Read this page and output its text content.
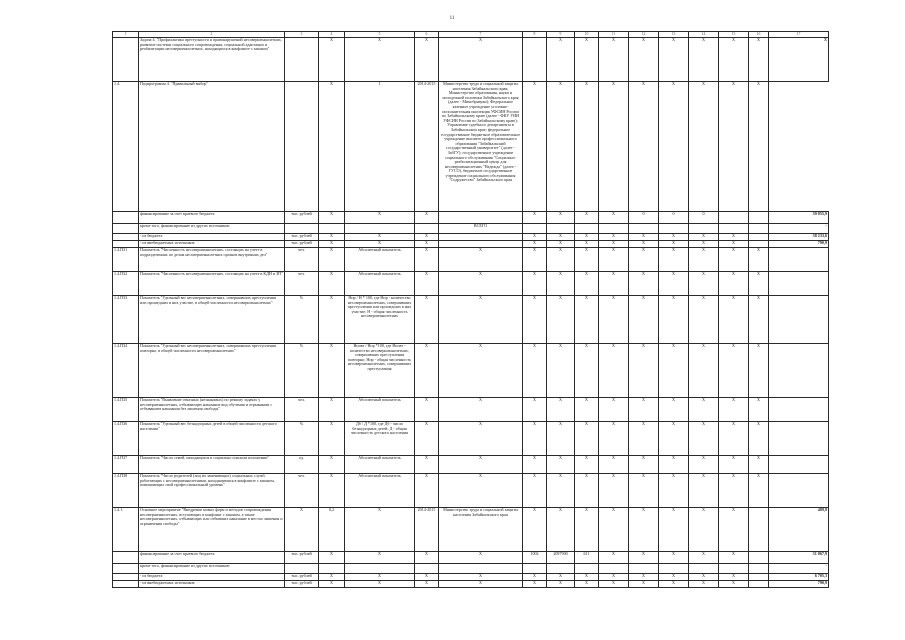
11
1	2	3	4	5	6	7	8	9	10	11	12	13	14	15	16	17
	Задача 4. "Профилактика преступности и правонарушений несовершеннолетних, развитие системы социального сопровождения, социальной адаптации и реабилитации несовершеннолетних, находящихся в конфликте с законом"		Х	Х	Х	Х		Х	Х	Х	Х	Х	Х	Х	Х	Х
1.4.	Подпрограмма 4. "Правильный выбор"		Х	1	2014-2015	Министерство труда и социальной защиты населения Забайкальского края; Министерство образования, науки и молодежной политики Забайкальского края (далее - Минобрнауки); Федеральное казенное учреждение уголовно-исполнительная инспекция УФСИН России по Забайкальскому краю (далее - ФКУ УИИ УФСИН России по Забайкальскому краю); Управление судебного департамента в Забайкальском крае; федеральное государственное бюджетное образовательное учреждение высшего профессионального образования "Забайкальский государственный университет" (далее - ЗабГУ); государственное учреждение социального обслуживания "Социально-реабилитационный центр для несовершеннолетних "Надежда" (далее - ГУСО), бюджетное государственное учреждение социального обслуживания "Содружество" Забайкальского края	Х	Х	Х	Х	Х	Х	Х	Х	Х	
	финансирование за счет краевого бюджета	тыс. рублей	Х	Х	Х		Х	Х	Х	Х	0	0	0			39 055,9
	кроме того, финансирование из других источников:					ВСЕГО										-
	- из бюджета	тыс. рублей	Х	Х	Х		Х	Х	Х	Х	Х	Х	Х	Х		38 233,6
	- из внебюджетных источников	тыс. рублей	Х	Х	Х		Х	Х	Х	Х	Х	Х	Х	Х		790,9
1.4.П31	Показатель "Численность несовершеннолетних, состоящих на учете в подразделениях по делам несовершеннолетних органов внутренних дел"	чел.	Х	Абсолютный показатель	Х	Х	Х	Х	Х	Х	Х	Х	Х	Х	Х	
1.4.П32	Показатель "Численность несовершеннолетних, состоящих на учете в КДН и ЗП"	чел.	Х	Абсолютный показатель	Х	Х	Х	Х	Х	Х	Х	Х	Х	Х	Х	
1.4.П33	Показатель "Удельный вес несовершеннолетних, совершивших преступления или прошедших в них участие, в общей численности несовершеннолетних"	%	Х	Нпр / Н * 100, где Нпр - количество несовершеннолетних, совершивших преступления или прошедших в них участие; Н - общая численность несовершеннолетних	Х	Х	Х	Х	Х	Х	Х	Х	Х	Х	Х	
1.4.П34	Показатель "Удельный вес несовершеннолетних, совершивших преступления повторно, в общей численности несовершеннолетних"	%	Х	Нповт / Нпр *100, где Нповт - количество несовершеннолетних, совершивших преступления повторно; Нпр - общая численность несовершеннолетних, совершивших преступления	Х	Х	Х	Х	Х	Х	Х	Х	Х	Х	Х	
1.4.П35	Показатель "Выявление отказных (незнакомых) по режиму задачах у несовершеннолетних, отбывающих наказание вид обучения и отрывными с отбыванием наказания без лишения свободы"	чел.	Х	Абсолютный показатель	Х	Х	Х	Х	Х	Х	Х	Х	Х	Х	Х	
1.4.П36	Показатель "Удельный вес безнадзорных детей в общей численности детского населения"	%	Х	Дб / Д *100, где Дб - число безнадзорных детей; Д - общая численность детского населения	Х	Х	Х	Х	Х	Х	Х	Х	Х	Х	Х	
1.4.П37	Показатель "Число семей, находящихся в социально опасном положении"	ед.	Х	Абсолютный показатель	Х	Х	Х	Х	Х	Х	Х	Х	Х	Х	Х	
1.4.П38	Показатель "Число родителей (лиц их заменяющих) социальных служб, работающих с несовершеннолетними, находящимися в конфликте с законом, повышающих свой профессиональный уровень"	чел.	Х	Абсолютный показатель	Х	Х	Х	Х	Х	Х	Х	Х	Х	Х	Х	
1.4.1.	Основное мероприятие "Внедрение новых форм и методов сопровождения несовершеннолетних, вступающих в конфликт с законом, а также несовершеннолетних, отбывающих или отбывших наказание в местах лишения и ограничения свободы"	Х	0,2	Х	2014-2015	Министерство труда и социальной защиты населения Забайкальского края	Х	Х	Х	Х	Х	Х	Х	Х		409,9
	финансирование за счет краевого бюджета	тыс. рублей	Х	Х	Х	Х	1002	2097900	611	Х	Х	Х	Х	Х		31 067,9
	кроме того, финансирование из других источников:															-
	- из бюджета	тыс. рублей	Х	Х	Х	Х	Х	Х	Х	Х	Х	Х	Х	Х		6 705,3
	- из внебюджетных источников	тыс. рублей	Х	Х	Х	Х	Х	Х	Х	Х	Х	Х	Х	Х		790,9
